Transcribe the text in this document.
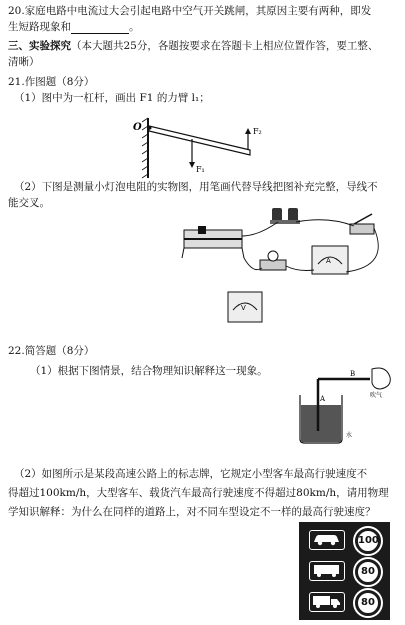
20.家庭电路中电流过大会引起电路中空气开关跳闸，其原因主要有两种，即发
生短路现象和	。
三、实验探究（本大题共25分，各题按要求在答题卡上相应位置作答，要工整、
清晰）
21.作图题（8分）
（1）图中为一杠杆，画出 F1 的力臂 l₁；
O	F₂
F₁
（2）下图是测量小灯泡电阻的实物图，用笔画代替导线把图补充完整，导线不
能交叉。
A
V
22.简答题（8分）
（1）根据下图情景，结合物理知识解释这一现象。	B
A	吹气
水
（2）如图所示是某段高速公路上的标志牌，它规定小型客车最高行驶速度不
得超过100km/h，大型客车、载货汽车最高行驶速度不得超过80km/h，请用物理
学知识解释：为什么在同样的道路上，对不同车型设定不一样的最高行驶速度？
100
80
80
